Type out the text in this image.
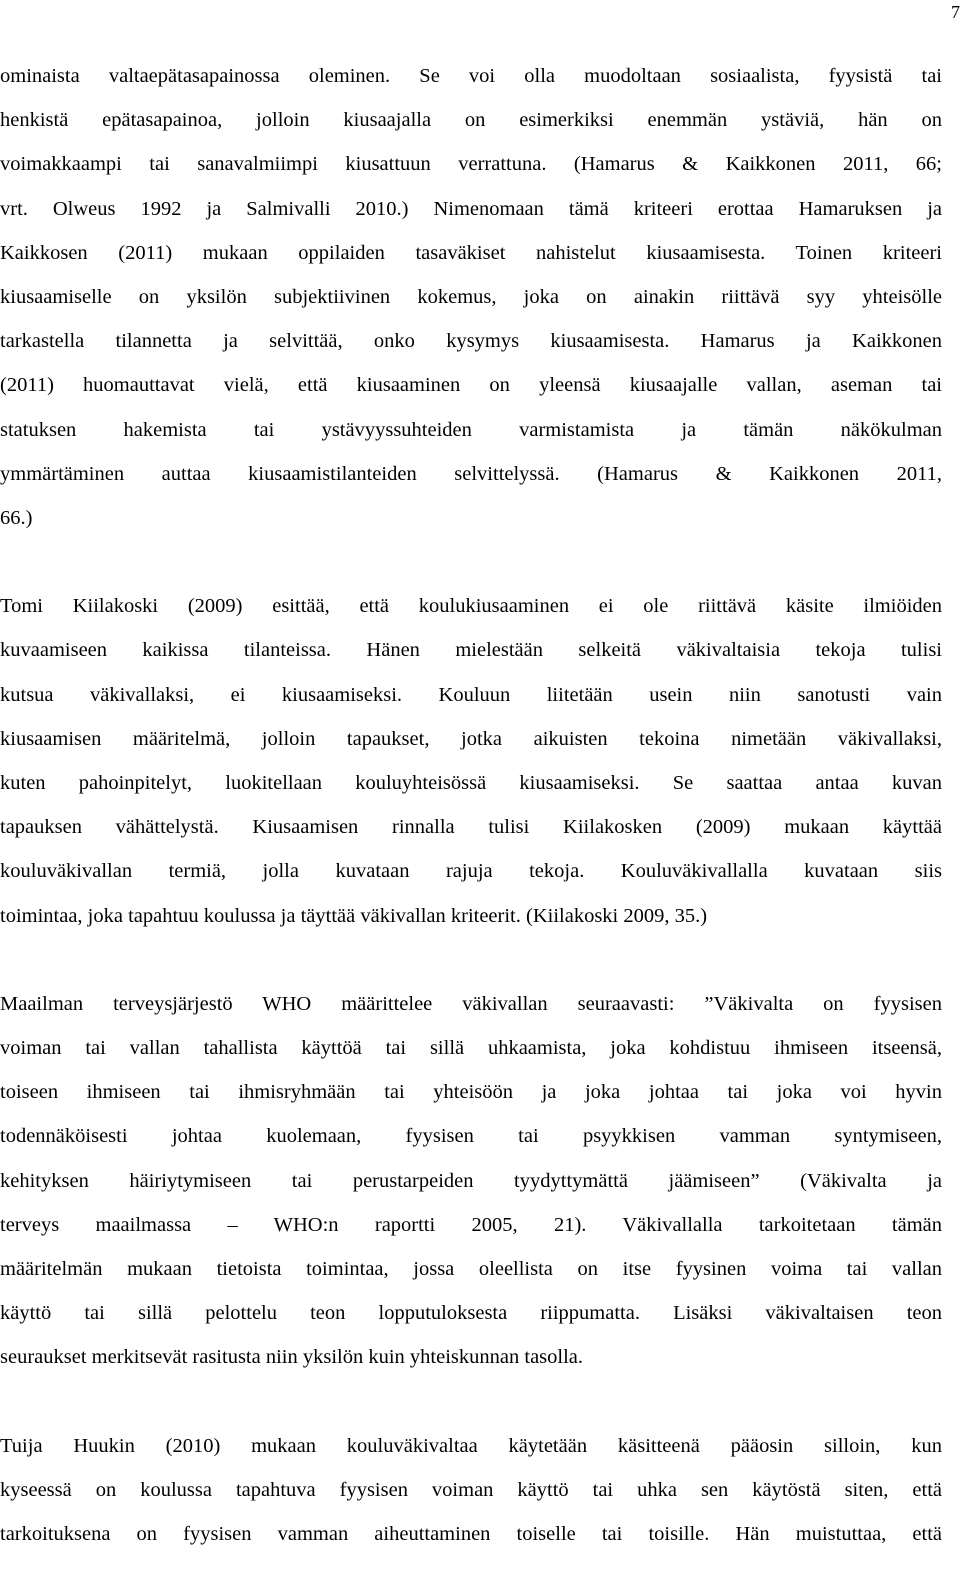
7

ominaista valtaepätasapainossa oleminen. Se voi olla muodoltaan sosiaalista, fyysistä tai
henkistä epätasapainoa, jolloin kiusaajalla on esimerkiksi enemmän ystäviä, hän on
voimakkaampi tai sanavalmiimpi kiusattuun verrattuna. (Hamarus & Kaikkonen 2011, 66;
vrt. Olweus 1992 ja Salmivalli 2010.) Nimenomaan tämä kriteeri erottaa Hamaruksen ja
Kaikkosen (2011) mukaan oppilaiden tasaväkiset nahistelut kiusaamisesta. Toinen kriteeri
kiusaamiselle on yksilön subjektiivinen kokemus, joka on ainakin riittävä syy yhteisölle
tarkastella tilannetta ja selvittää, onko kysymys kiusaamisesta. Hamarus ja Kaikkonen
(2011) huomauttavat vielä, että kiusaaminen on yleensä kiusaajalle vallan, aseman tai
statuksen hakemista tai ystävyyssuhteiden varmistamista ja tämän näkökulman
ymmärtäminen auttaa kiusaamistilanteiden selvittelyssä. (Hamarus & Kaikkonen 2011,
66.)

Tomi Kiilakoski (2009) esittää, että koulukiusaaminen ei ole riittävä käsite ilmiöiden
kuvaamiseen kaikissa tilanteissa. Hänen mielestään selkeitä väkivaltaisia tekoja tulisi
kutsua väkivallaksi, ei kiusaamiseksi. Kouluun liitetään usein niin sanotusti vain
kiusaamisen määritelmä, jolloin tapaukset, jotka aikuisten tekoina nimetään väkivallaksi,
kuten pahoinpitelyt, luokitellaan kouluyhteisössä kiusaamiseksi. Se saattaa antaa kuvan
tapauksen vähättelystä. Kiusaamisen rinnalla tulisi Kiilakosken (2009) mukaan käyttää
kouluväkivallan termiä, jolla kuvataan rajuja tekoja. Kouluväkivallalla kuvataan siis
toimintaa, joka tapahtuu koulussa ja täyttää väkivallan kriteerit. (Kiilakoski 2009, 35.)

Maailman terveysjärjestö WHO määrittelee väkivallan seuraavasti: ”Väkivalta on fyysisen
voiman tai vallan tahallista käyttöä tai sillä uhkaamista, joka kohdistuu ihmiseen itseensä,
toiseen ihmiseen tai ihmisryhmään tai yhteisöön ja joka johtaa tai joka voi hyvin
todennäköisesti johtaa kuolemaan, fyysisen tai psyykkisen vamman syntymiseen,
kehityksen häiriytymiseen tai perustarpeiden tyydyttymättä jäämiseen” (Väkivalta ja
terveys maailmassa – WHO:n raportti 2005, 21). Väkivallalla tarkoitetaan tämän
määritelmän mukaan tietoista toimintaa, jossa oleellista on itse fyysinen voima tai vallan
käyttö tai sillä pelottelu teon lopputuloksesta riippumatta. Lisäksi väkivaltaisen teon
seuraukset merkitsevät rasitusta niin yksilön kuin yhteiskunnan tasolla.

Tuija Huukin (2010) mukaan kouluväkivaltaa käytetään käsitteenä pääosin silloin, kun
kyseessä on koulussa tapahtuva fyysisen voiman käyttö tai uhka sen käytöstä siten, että
tarkoituksena on fyysisen vamman aiheuttaminen toiselle tai toisille. Hän muistuttaa, että
